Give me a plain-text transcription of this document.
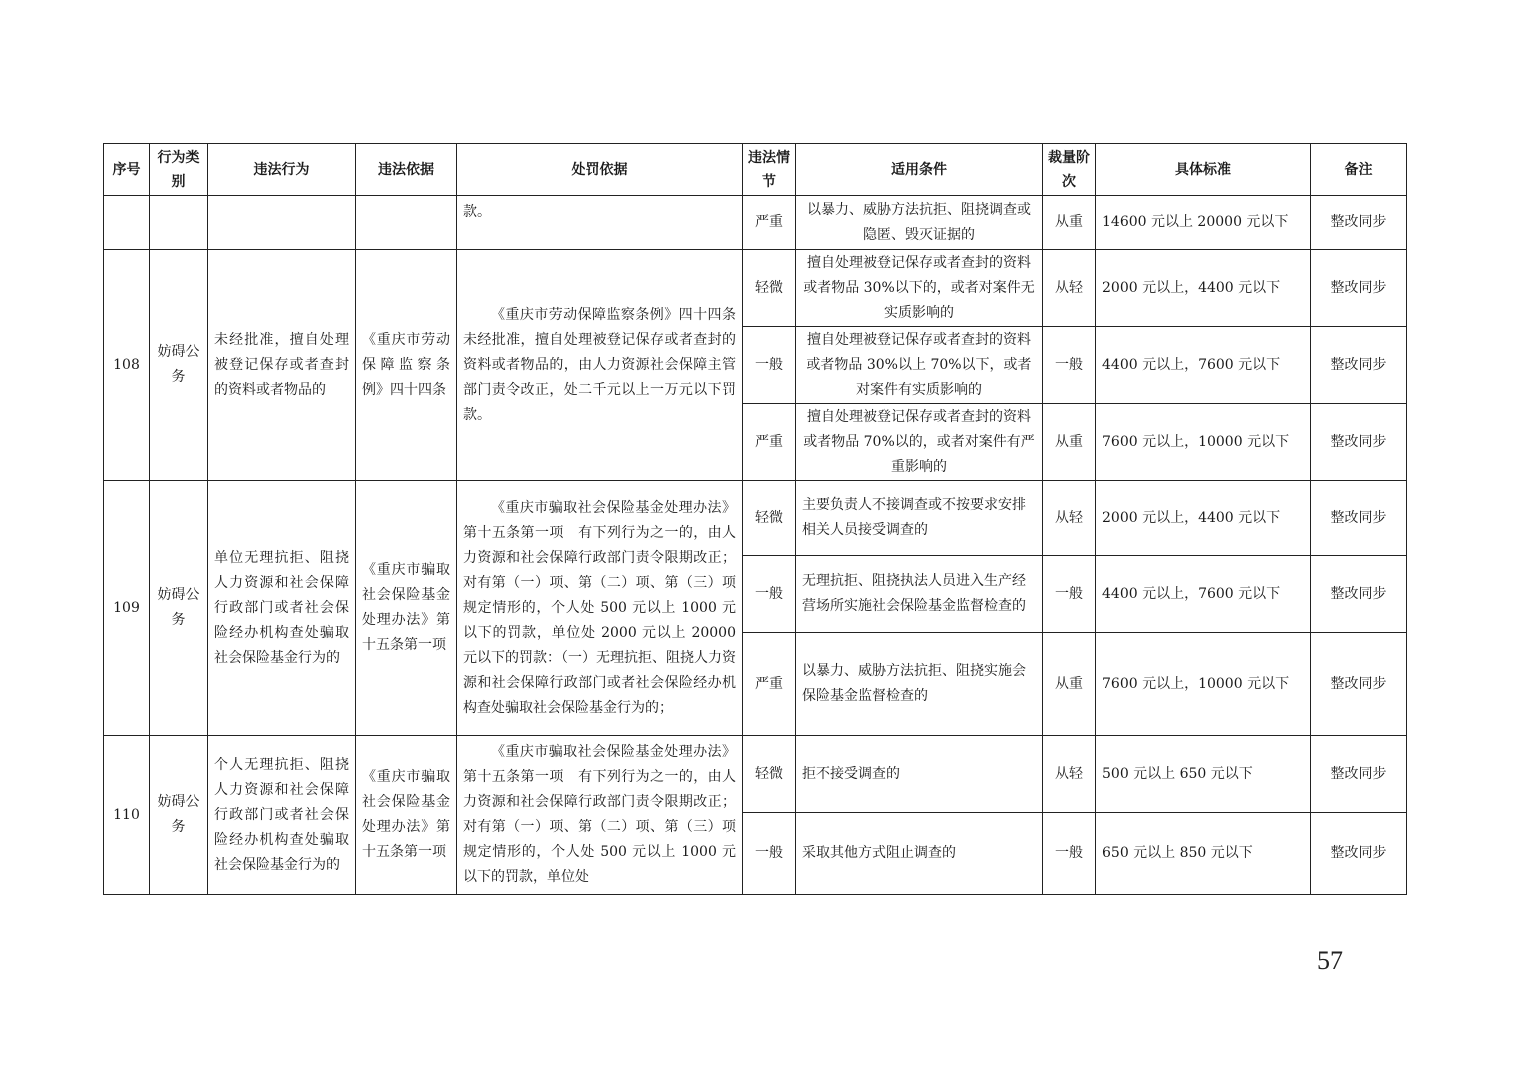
序号	行为类别	违法行为	违法依据	处罚依据	违法情节	适用条件	裁量阶次	具体标准	备注
				款。	严重	以暴力、威胁方法抗拒、阻挠调查或隐匿、毁灭证据的	从重	14600 元以上 20000 元以下	整改同步
108	妨碍公务	未经批准，擅自处理被登记保存或者查封的资料或者物品的	《重庆市劳动保障监察条例》四十四条	《重庆市劳动保障监察条例》四十四条　未经批准，擅自处理被登记保存或者查封的资料或者物品的，由人力资源社会保障主管部门责令改正，处二千元以上一万元以下罚款。	轻微	擅自处理被登记保存或者查封的资料或者物品 30%以下的，或者对案件无实质影响的	从轻	2000 元以上，4400 元以下	整改同步
					一般	擅自处理被登记保存或者查封的资料或者物品 30%以上 70%以下，或者对案件有实质影响的	一般	4400 元以上，7600 元以下	整改同步
					严重	擅自处理被登记保存或者查封的资料或者物品 70%以的，或者对案件有严重影响的	从重	7600 元以上，10000 元以下	整改同步
109	妨碍公务	单位无理抗拒、阻挠人力资源和社会保障行政部门或者社会保险经办机构查处骗取社会保险基金行为的	《重庆市骗取社会保险基金处理办法》第十五条第一项	《重庆市骗取社会保险基金处理办法》第十五条第一项　有下列行为之一的，由人力资源和社会保障行政部门责令限期改正；对有第（一）项、第（二）项、第（三）项规定情形的，个人处 500 元以上 1000 元以下的罚款，单位处 2000 元以上 20000 元以下的罚款：（一）无理抗拒、阻挠人力资源和社会保障行政部门或者社会保险经办机构查处骗取社会保险基金行为的；	轻微	主要负责人不接调查或不按要求安排相关人员接受调查的	从轻	2000 元以上，4400 元以下	整改同步
					一般	无理抗拒、阻挠执法人员进入生产经营场所实施社会保险基金监督检查的	一般	4400 元以上，7600 元以下	整改同步
					严重	以暴力、威胁方法抗拒、阻挠实施会保险基金监督检查的	从重	7600 元以上，10000 元以下	整改同步
110	妨碍公务	个人无理抗拒、阻挠人力资源和社会保障行政部门或者社会保险经办机构查处骗取社会保险基金行为的	《重庆市骗取社会保险基金处理办法》第十五条第一项	《重庆市骗取社会保险基金处理办法》第十五条第一项　有下列行为之一的，由人力资源和社会保障行政部门责令限期改正；对有第（一）项、第（二）项、第（三）项规定情形的，个人处 500 元以上 1000 元以下的罚款，单位处	轻微	拒不接受调查的	从轻	500 元以上 650 元以下	整改同步
					一般	采取其他方式阻止调查的	一般	650 元以上 850 元以下	整改同步
57
